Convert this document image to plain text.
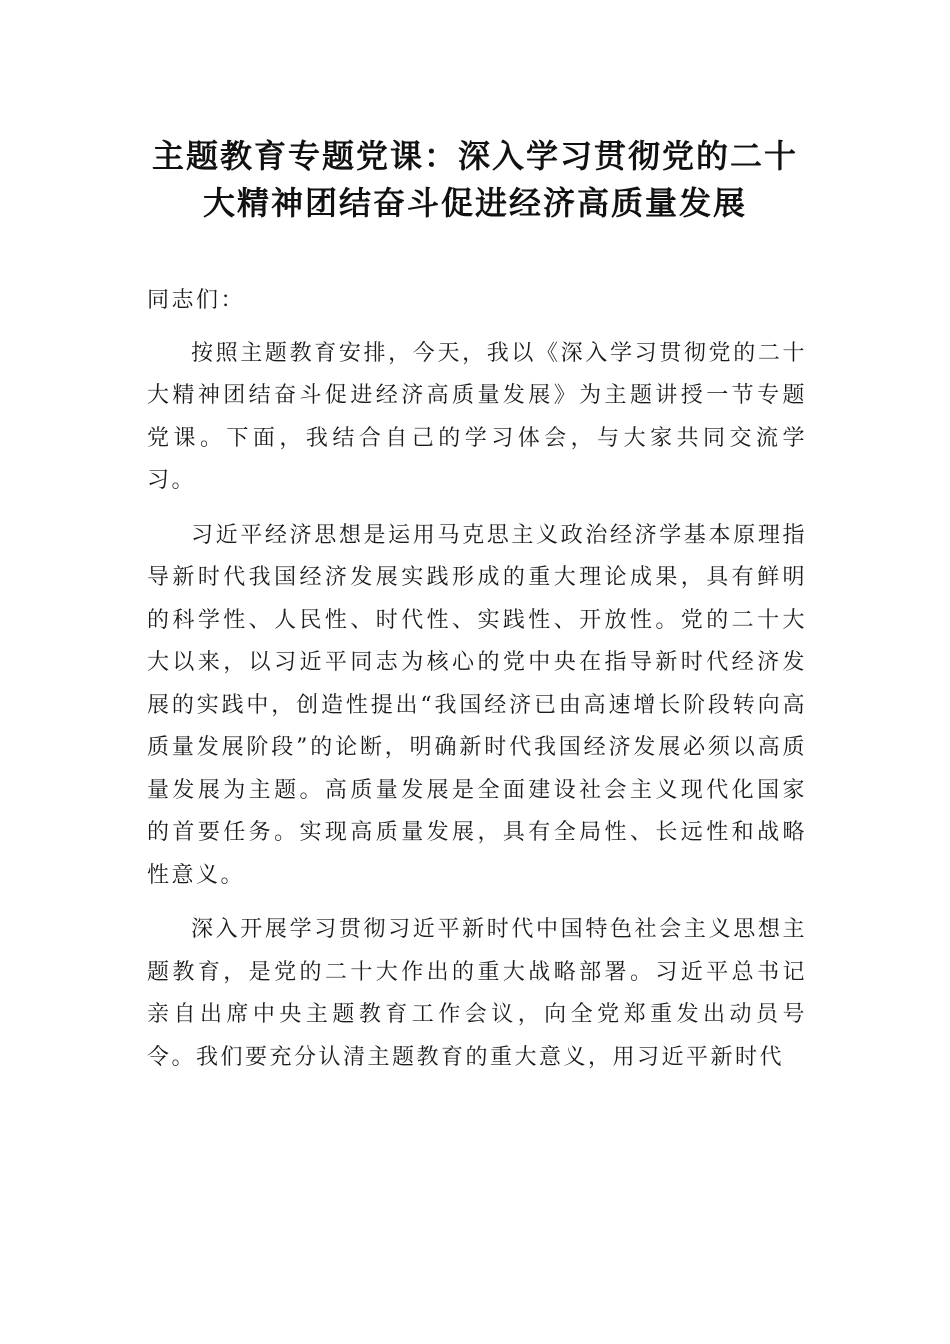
主题教育专题党课：深入学习贯彻党的二十
大精神团结奋斗促进经济高质量发展

同志们：

按照主题教育安排，今天，我以《深入学习贯彻党的二十大精神团结奋斗促进经济高质量发展》为主题讲授一节专题党课。下面，我结合自己的学习体会，与大家共同交流学习。

习近平经济思想是运用马克思主义政治经济学基本原理指导新时代我国经济发展实践形成的重大理论成果，具有鲜明的科学性、人民性、时代性、实践性、开放性。党的二十大大以来，以习近平同志为核心的党中央在指导新时代经济发展的实践中，创造性提出“我国经济已由高速增长阶段转向高质量发展阶段”的论断，明确新时代我国经济发展必须以高质量发展为主题。高质量发展是全面建设社会主义现代化国家的首要任务。实现高质量发展，具有全局性、长远性和战略性意义。

深入开展学习贯彻习近平新时代中国特色社会主义思想主题教育，是党的二十大作出的重大战略部署。习近平总书记亲自出席中央主题教育工作会议，向全党郑重发出动员号令。我们要充分认清主题教育的重大意义，用习近平新时代
